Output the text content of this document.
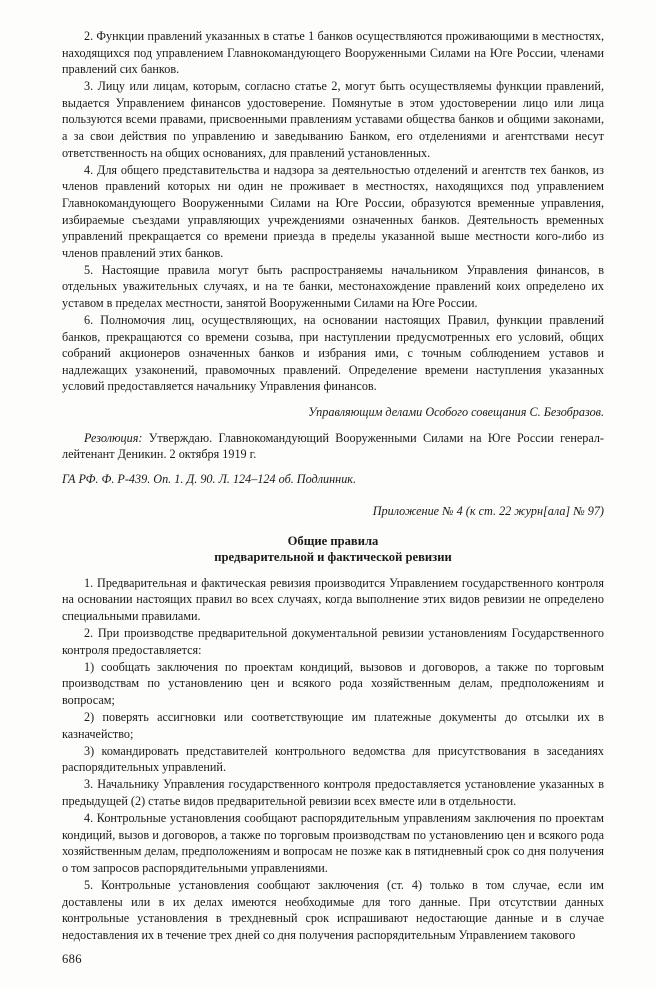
2. Функции правлений указанных в статье 1 банков осуществляются проживающими в местностях, находящихся под управлением Главнокомандующего Вооруженными Силами на Юге России, членами правлений сих банков.

3. Лицу или лицам, которым, согласно статье 2, могут быть осуществляемы функции правлений, выдается Управлением финансов удостоверение. Помянутые в этом удостоверении лицо или лица пользуются всеми правами, присвоенными правлениям уставами общества банков и общими законами, а за свои действия по управлению и заведыванию Банком, его отделениями и агентствами несут ответственность на общих основаниях, для правлений установленных.

4. Для общего представительства и надзора за деятельностью отделений и агентств тех банков, из членов правлений которых ни один не проживает в местностях, находящихся под управлением Главнокомандующего Вооруженными Силами на Юге России, образуются временные управления, избираемые съездами управляющих учреждениями означенных банков. Деятельность временных управлений прекращается со времени приезда в пределы указанной выше местности кого-либо из членов правлений этих банков.

5. Настоящие правила могут быть распространяемы начальником Управления финансов, в отдельных уважительных случаях, и на те банки, местонахождение правлений коих определено их уставом в пределах местности, занятой Вооруженными Силами на Юге России.

6. Полномочия лиц, осуществляющих, на основании настоящих Правил, функции правлений банков, прекращаются со времени созыва, при наступлении предусмотренных его условий, общих собраний акционеров означенных банков и избрания ими, с точным соблюдением уставов и надлежащих узаконений, правомочных правлений. Определение времени наступления указанных условий предоставляется начальнику Управления финансов.

Управляющим делами Особого совещания С. Безобразов.

Резолюция: Утверждаю. Главнокомандующий Вооруженными Силами на Юге России генерал-лейтенант Деникин. 2 октября 1919 г.

ГА РФ. Ф. Р-439. Оп. 1. Д. 90. Л. 124–124 об. Подлинник.

Приложение № 4 (к ст. 22 журн[ала] № 97)

Общие правила
предварительной и фактической ревизии

1. Предварительная и фактическая ревизия производится Управлением государственного контроля на основании настоящих правил во всех случаях, когда выполнение этих видов ревизии не определено специальными правилами.

2. При производстве предварительной документальной ревизии установлениям Государственного контроля предоставляется:

1) сообщать заключения по проектам кондиций, вызовов и договоров, а также по торговым производствам по установлению цен и всякого рода хозяйственным делам, предположениям и вопросам;

2) поверять ассигновки или соответствующие им платежные документы до отсылки их в казначейство;

3) командировать представителей контрольного ведомства для присутствования в заседаниях распорядительных управлений.

3. Начальнику Управления государственного контроля предоставляется установление указанных в предыдущей (2) статье видов предварительной ревизии всех вместе или в отдельности.

4. Контрольные установления сообщают распорядительным управлениям заключения по проектам кондиций, вызов и договоров, а также по торговым производствам по установлению цен и всякого рода хозяйственным делам, предположениям и вопросам не позже как в пятидневный срок со дня получения о том запросов распорядительными управлениями.

5. Контрольные установления сообщают заключения (ст. 4) только в том случае, если им доставлены или в их делах имеются необходимые для того данные. При отсутствии данных контрольные установления в трехдневный срок испрашивают недостающие данные и в случае недоставления их в течение трех дней со дня получения распорядительным Управлением такового

686
